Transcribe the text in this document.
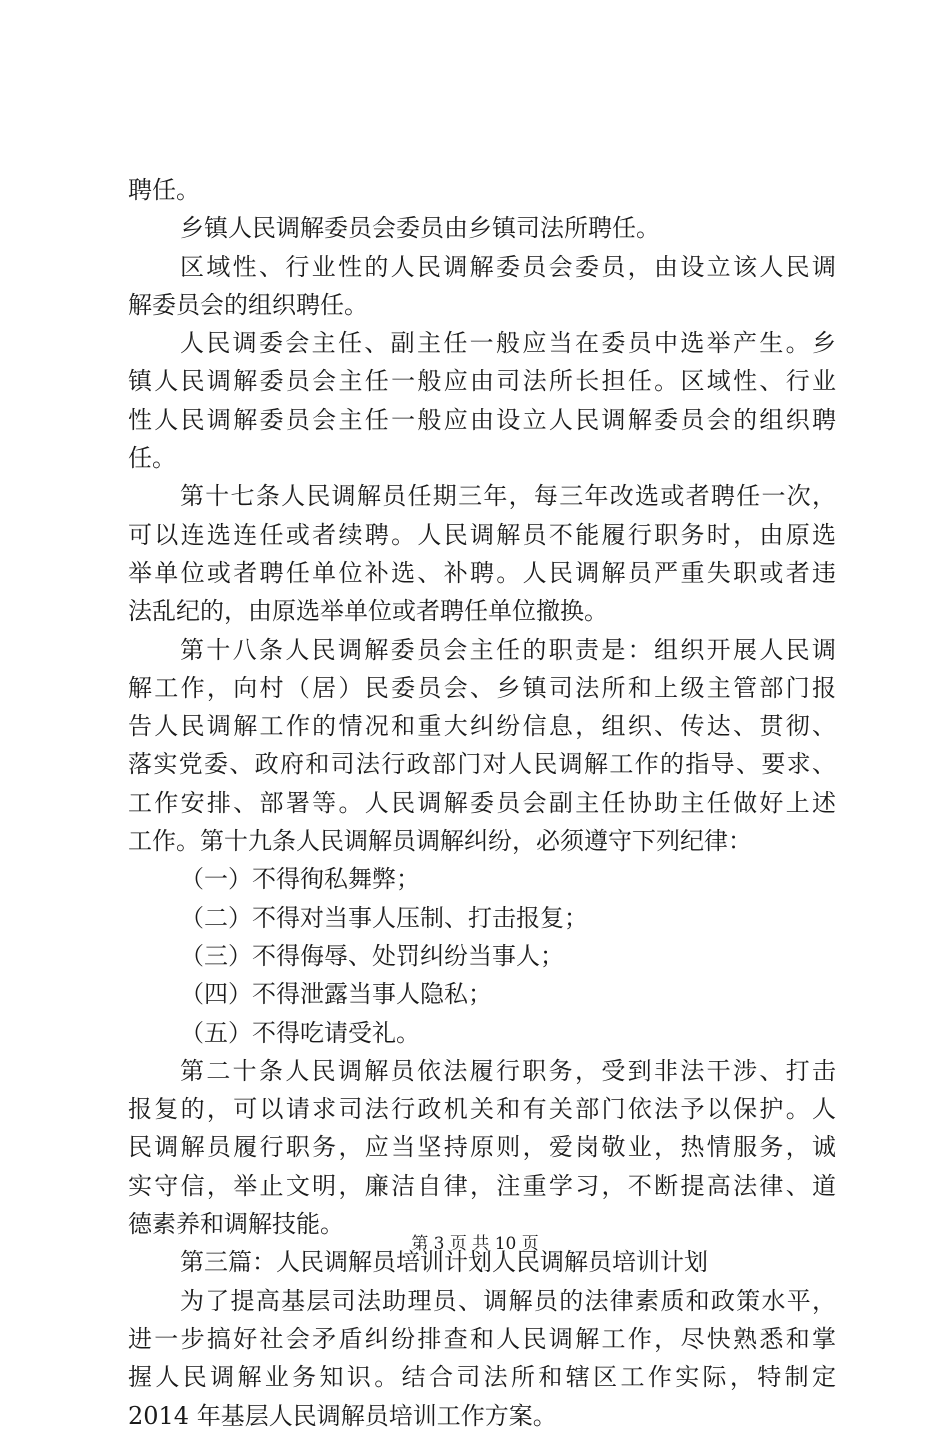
聘任。
乡镇人民调解委员会委员由乡镇司法所聘任。
区域性、行业性的人民调解委员会委员，由设立该人民调
解委员会的组织聘任。
人民调委会主任、副主任一般应当在委员中选举产生。乡
镇人民调解委员会主任一般应由司法所长担任。区域性、行业
性人民调解委员会主任一般应由设立人民调解委员会的组织聘
任。
第十七条人民调解员任期三年，每三年改选或者聘任一次，
可以连选连任或者续聘。人民调解员不能履行职务时，由原选
举单位或者聘任单位补选、补聘。人民调解员严重失职或者违
法乱纪的，由原选举单位或者聘任单位撤换。
第十八条人民调解委员会主任的职责是：组织开展人民调
解工作，向村（居）民委员会、乡镇司法所和上级主管部门报
告人民调解工作的情况和重大纠纷信息，组织、传达、贯彻、
落实党委、政府和司法行政部门对人民调解工作的指导、要求、
工作安排、部署等。人民调解委员会副主任协助主任做好上述
工作。第十九条人民调解员调解纠纷，必须遵守下列纪律：
（一）不得徇私舞弊；
（二）不得对当事人压制、打击报复；
（三）不得侮辱、处罚纠纷当事人；
（四）不得泄露当事人隐私；
（五）不得吃请受礼。
第二十条人民调解员依法履行职务，受到非法干涉、打击
报复的，可以请求司法行政机关和有关部门依法予以保护。人
民调解员履行职务，应当坚持原则，爱岗敬业，热情服务，诚
实守信，举止文明，廉洁自律，注重学习，不断提高法律、道
德素养和调解技能。
第三篇：人民调解员培训计划人民调解员培训计划
为了提高基层司法助理员、调解员的法律素质和政策水平，
进一步搞好社会矛盾纠纷排查和人民调解工作，尽快熟悉和掌
握人民调解业务知识。结合司法所和辖区工作实际，特制定
2014 年基层人民调解员培训工作方案。
第 3 页 共 10 页
